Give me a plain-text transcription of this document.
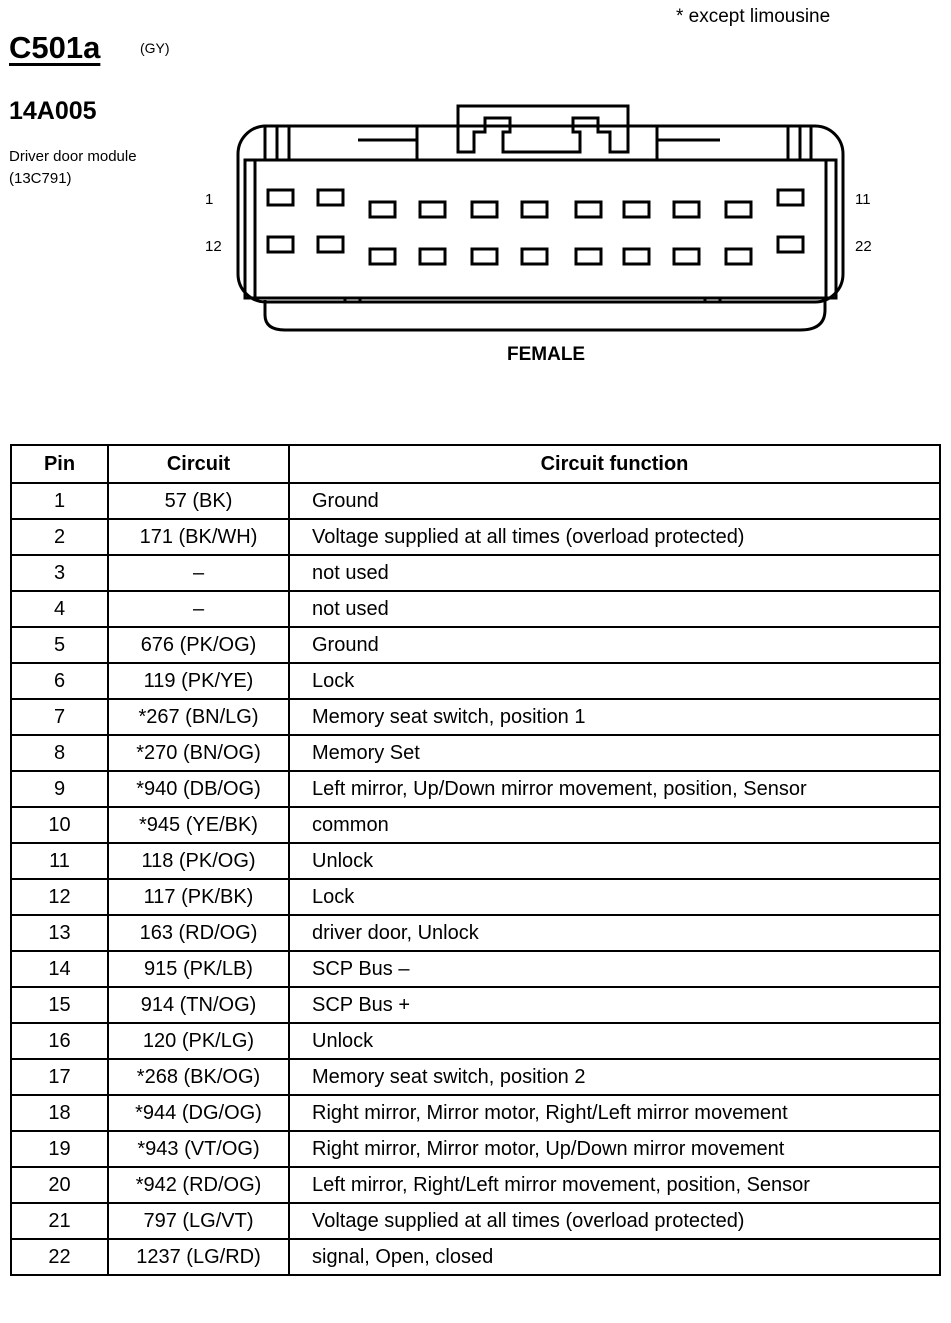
* except limousine
C501a	(GY)
14A005
Driver door module
(13C791)
1
12
11
22
FEMALE
Pin	Circuit	Circuit function
1	57 (BK)	Ground
2	171 (BK/WH)	Voltage supplied at all times (overload protected)
3	–	not used
4	–	not used
5	676 (PK/OG)	Ground
6	119 (PK/YE)	Lock
7	*267 (BN/LG)	Memory seat switch, position 1
8	*270 (BN/OG)	Memory Set
9	*940 (DB/OG)	Left mirror, Up/Down mirror movement, position, Sensor
10	*945 (YE/BK)	common
11	118 (PK/OG)	Unlock
12	117 (PK/BK)	Lock
13	163 (RD/OG)	driver door, Unlock
14	915 (PK/LB)	SCP Bus –
15	914 (TN/OG)	SCP Bus +
16	120 (PK/LG)	Unlock
17	*268 (BK/OG)	Memory seat switch, position 2
18	*944 (DG/OG)	Right mirror, Mirror motor, Right/Left mirror movement
19	*943 (VT/OG)	Right mirror, Mirror motor, Up/Down mirror movement
20	*942 (RD/OG)	Left mirror, Right/Left mirror movement, position, Sensor
21	797 (LG/VT)	Voltage supplied at all times (overload protected)
22	1237 (LG/RD)	signal, Open, closed
